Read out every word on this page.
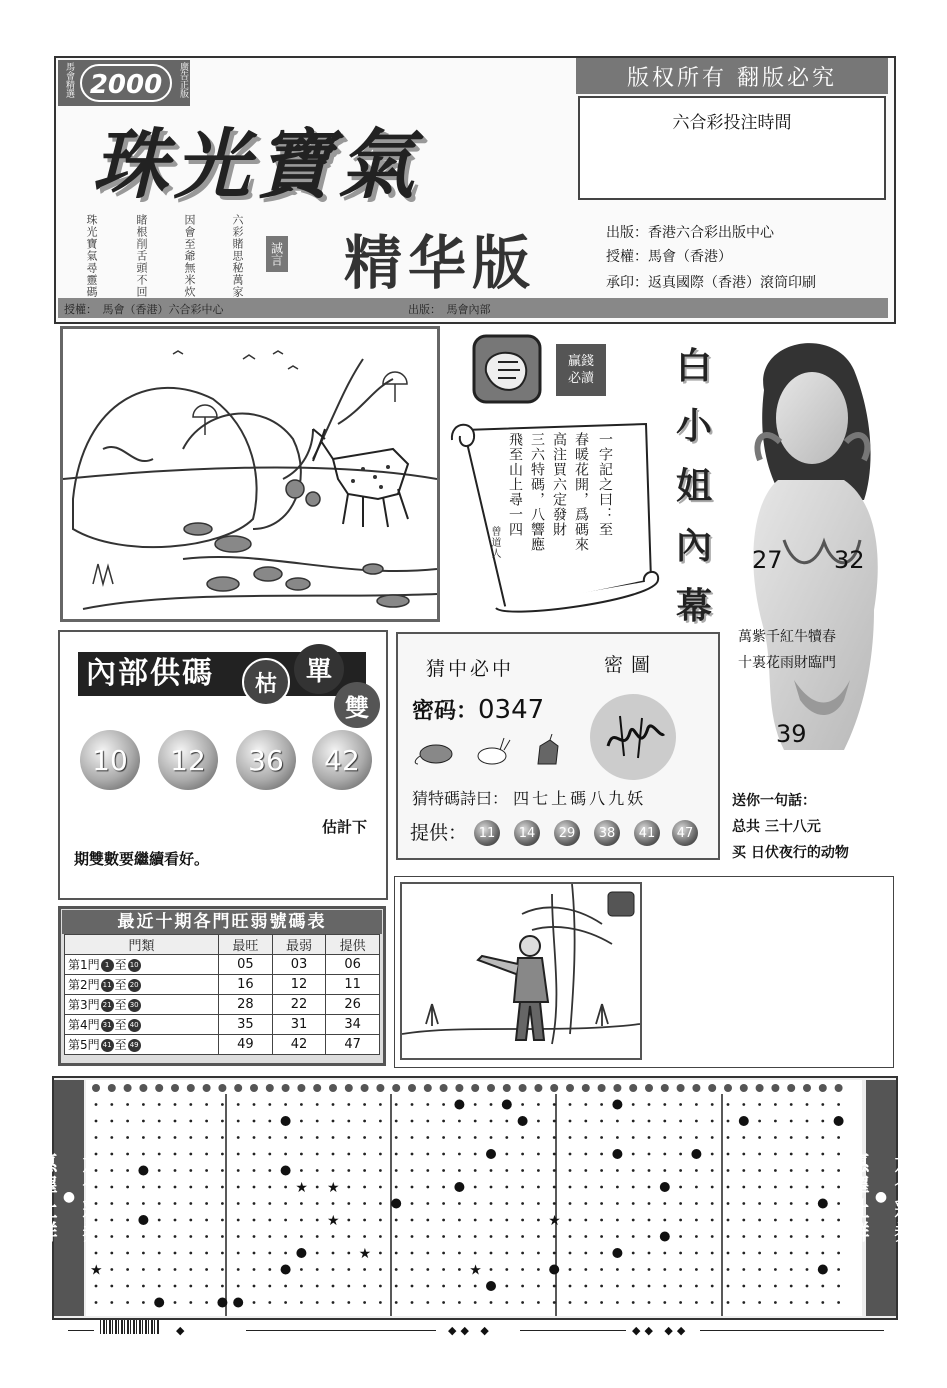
馬會精選 2000	廣告正版	版权所有 翻版必究
六合彩投注時間
珠光寶氣
珠光寶氣尋靈碼	睹根削舌頭不回	因會至爺無米炊	六彩賭思秘萬家 誠言 精华版	出版：香港六合彩出版中心
授權：馬會（香港）
承印：返真國際（香港）滾筒印刷
授權：　馬會（香港）六合彩中心	出版：　馬會內部
贏錢
必讀
一字記之曰：至
春暖花開，爲碼來
高注買六定發財
三六特碼，八響應
飛至山上尋一四
曾道人
白
小
姐
內
幕
27 32
萬紫千紅牛犢春
十裏花雨財臨門
39
送你一句話：
总共 三十八元
买 日伏夜行的动物
內部供碼	枯	單
雙
10	12	36	42
估計下
期雙數要繼續看好。
猜中必中	密圖
密码：0347
猜特碼詩曰： 四七上碼八九妖
提供： 11	14	29	38	41	47
最近十期各門旺弱號碼表
門類	最旺	最弱	提供
第1門 1 至 10	05	03	06
第2門 11 至 20	16	12	11
第3門 21 至 30	28	22	26
第4門 31 至 40	35	31	34
第5門 41 至 49	49	42	47
●
惠澤社群	六合彩券
●
★ ★
★	★
★
★	★
◆	◆◆ ◆	◆◆ ◆◆
